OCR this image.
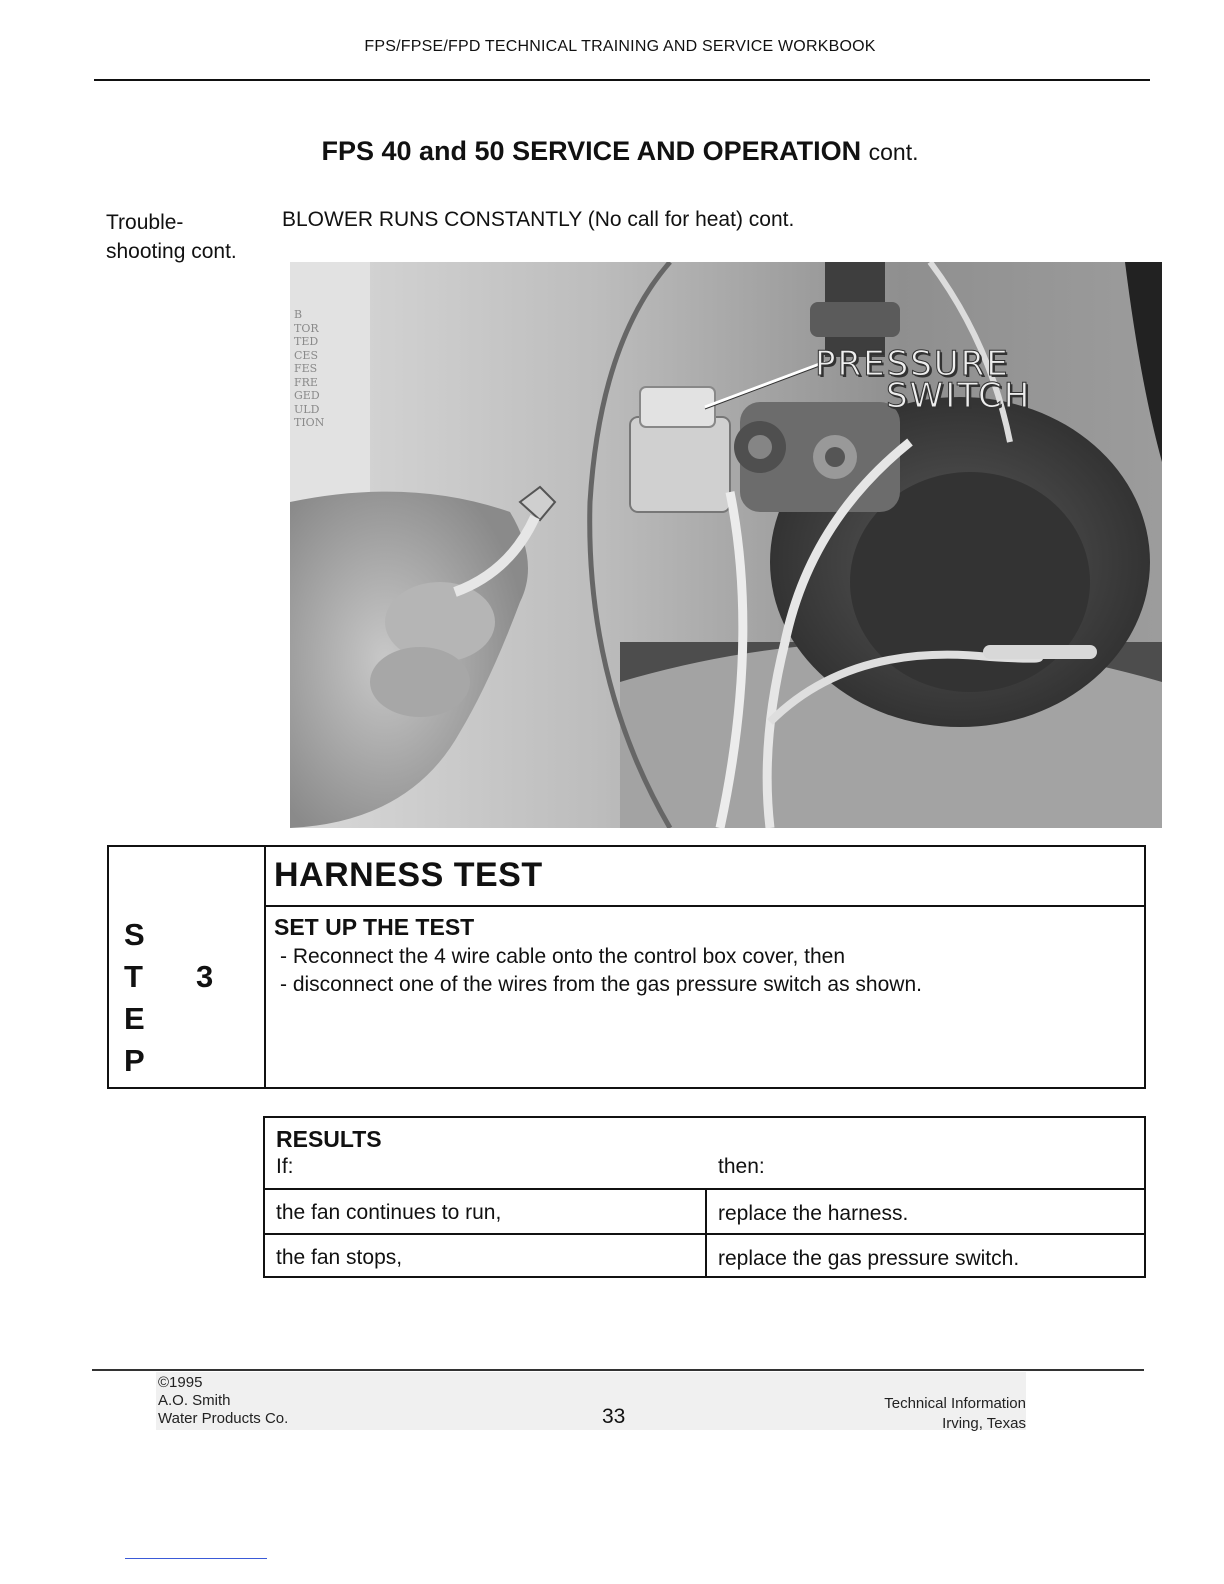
FPS/FPSE/FPD TECHNICAL TRAINING AND SERVICE WORKBOOK
FPS 40 and 50 SERVICE AND OPERATION cont.
Trouble-
shooting cont.
BLOWER RUNS CONSTANTLY (No call for heat) cont.
PRESSURE
SWITCH
B
TOR
TED
CES
FES
FRE
GED
ULD
TION
S
T
E
P
3
HARNESS TEST
SET UP THE TEST
- Reconnect the 4 wire cable onto the control box cover, then
- disconnect one of the wires from the gas pressure switch as shown.
RESULTS
If:	then:
the fan continues to run,	replace the harness.
the fan stops,	replace the gas pressure switch.
©1995
A.O. Smith
Water Products Co.	33
Technical Information
Irving, Texas
